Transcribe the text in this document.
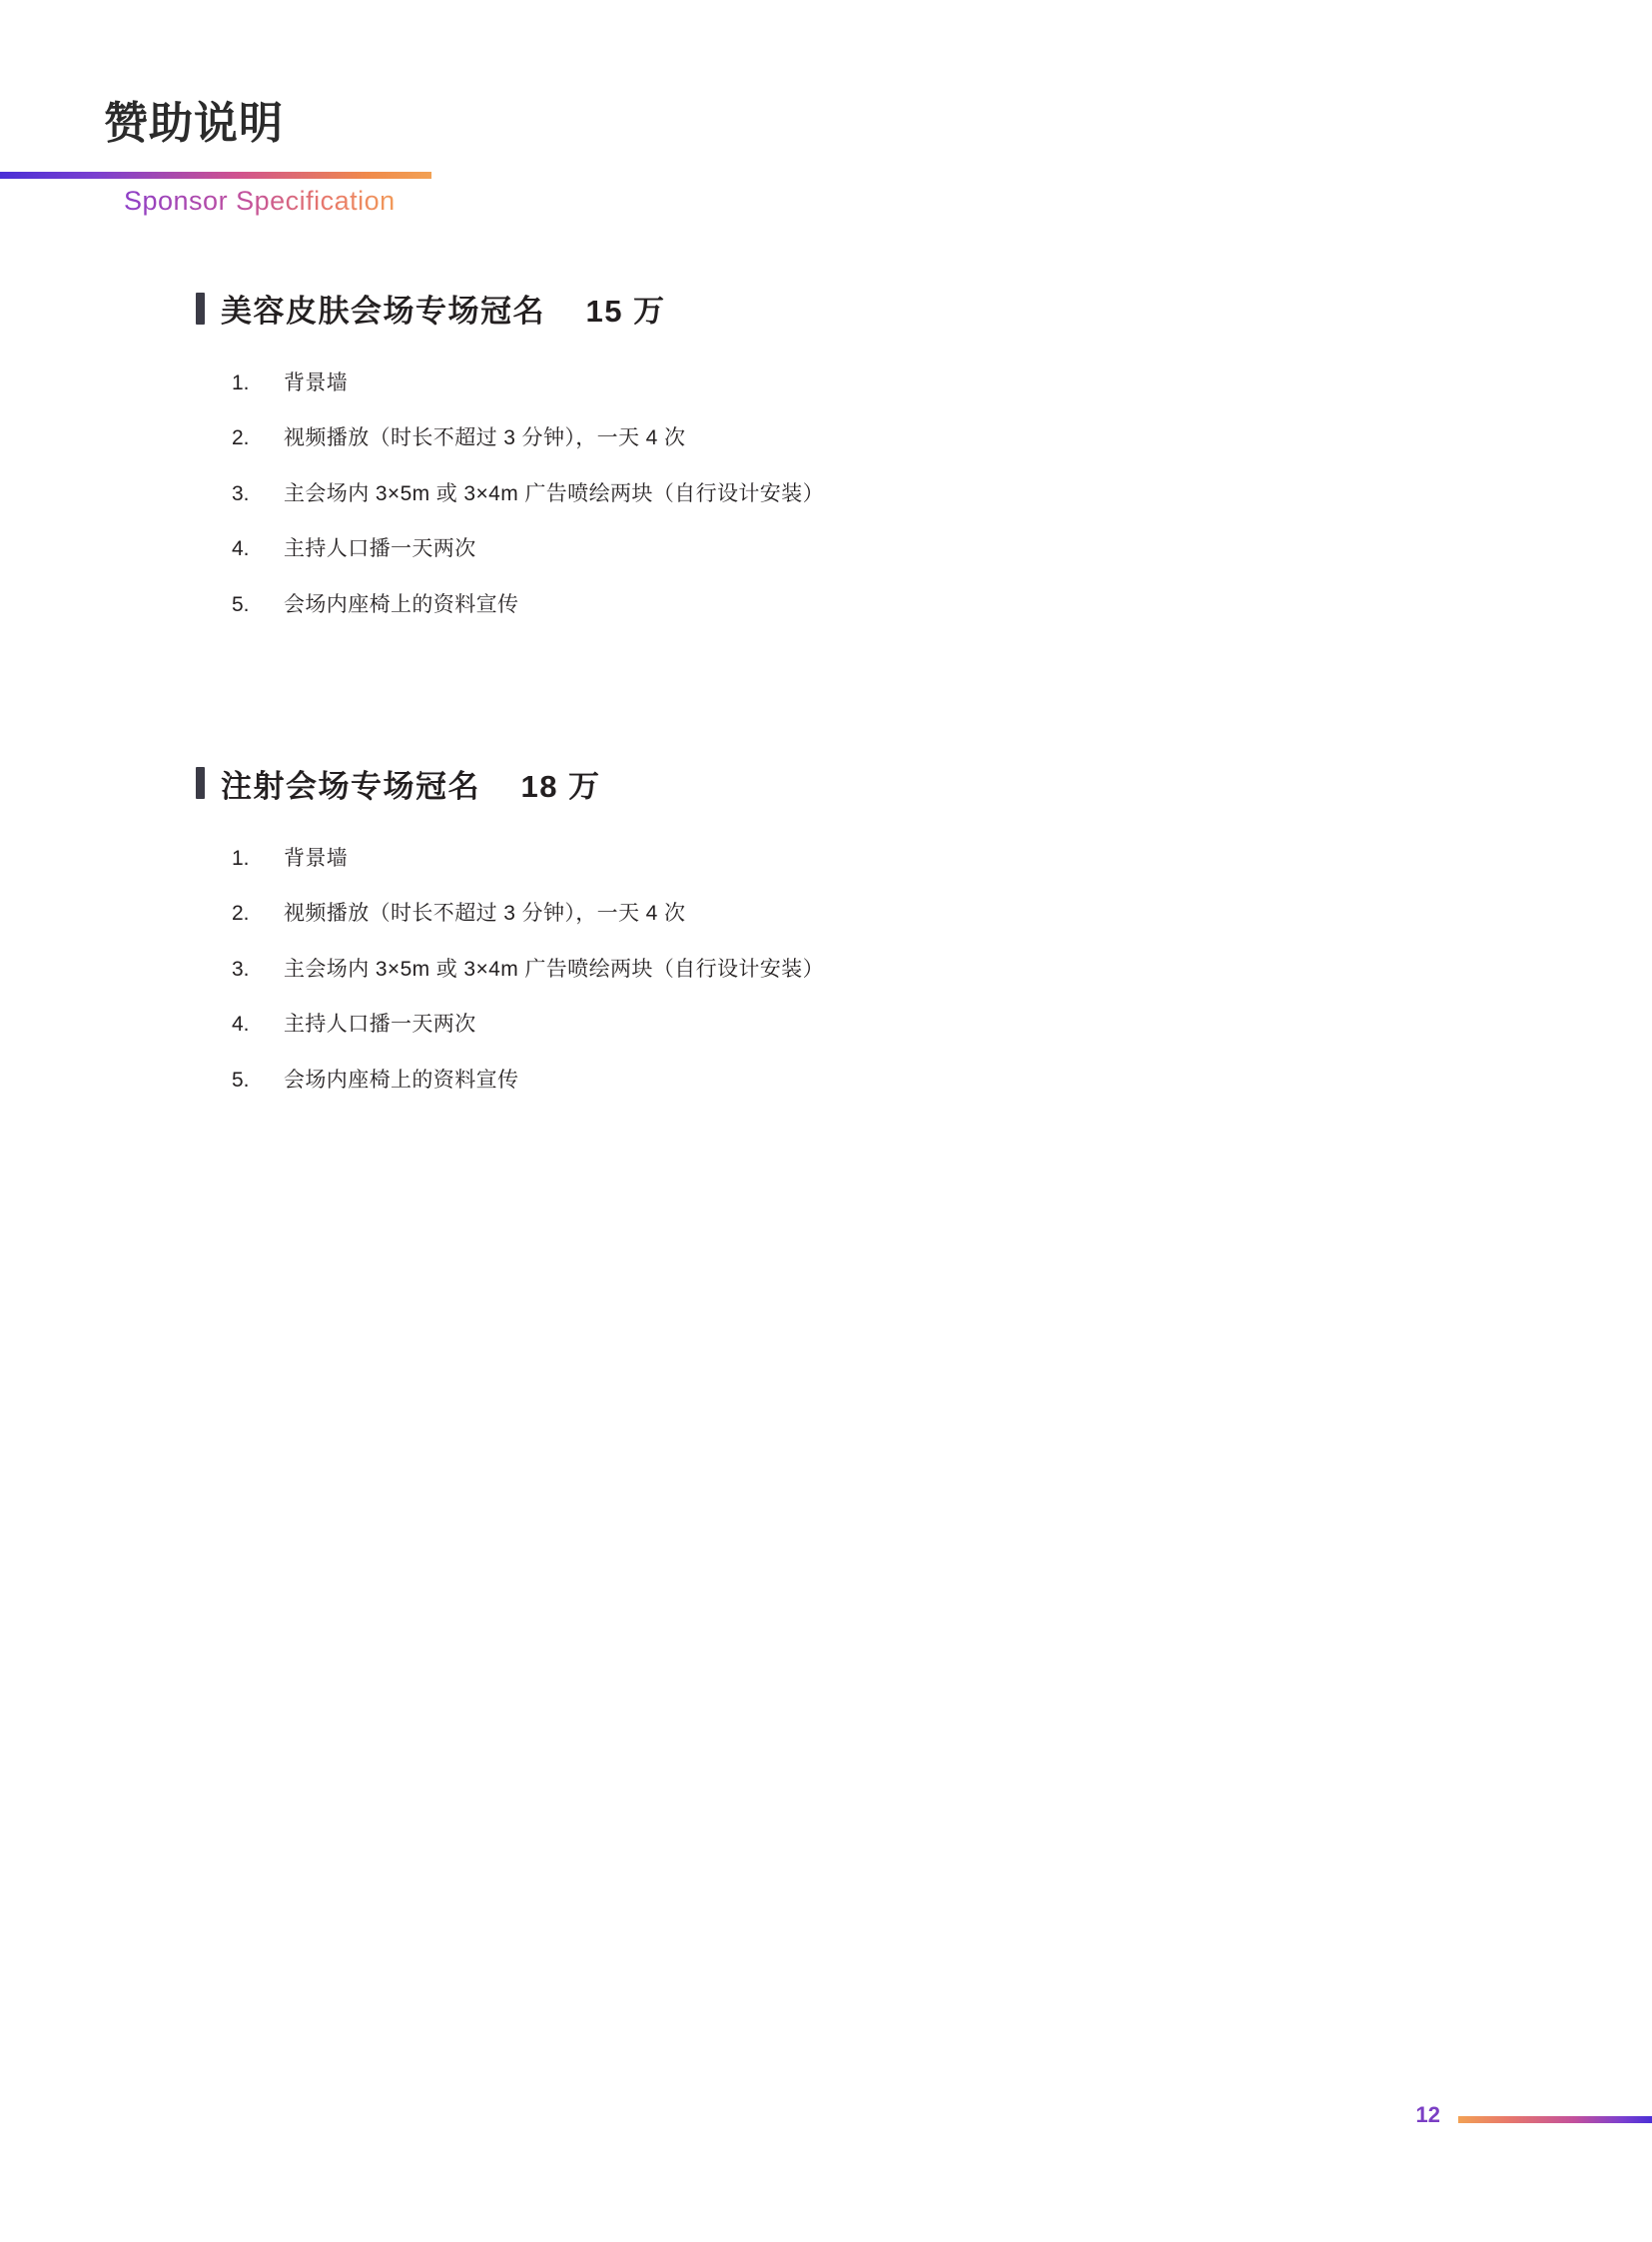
赞助说明
Sponsor Specification
美容皮肤会场专场冠名    15 万
1.	背景墙
2.	视频播放（时长不超过 3 分钟），一天 4 次
3.	主会场内 3×5m 或 3×4m 广告喷绘两块（自行设计安装）
4.	主持人口播一天两次
5.	会场内座椅上的资料宣传
注射会场专场冠名    18 万
1.	背景墙
2.	视频播放（时长不超过 3 分钟），一天 4 次
3.	主会场内 3×5m 或 3×4m 广告喷绘两块（自行设计安装）
4.	主持人口播一天两次
5.	会场内座椅上的资料宣传
12
